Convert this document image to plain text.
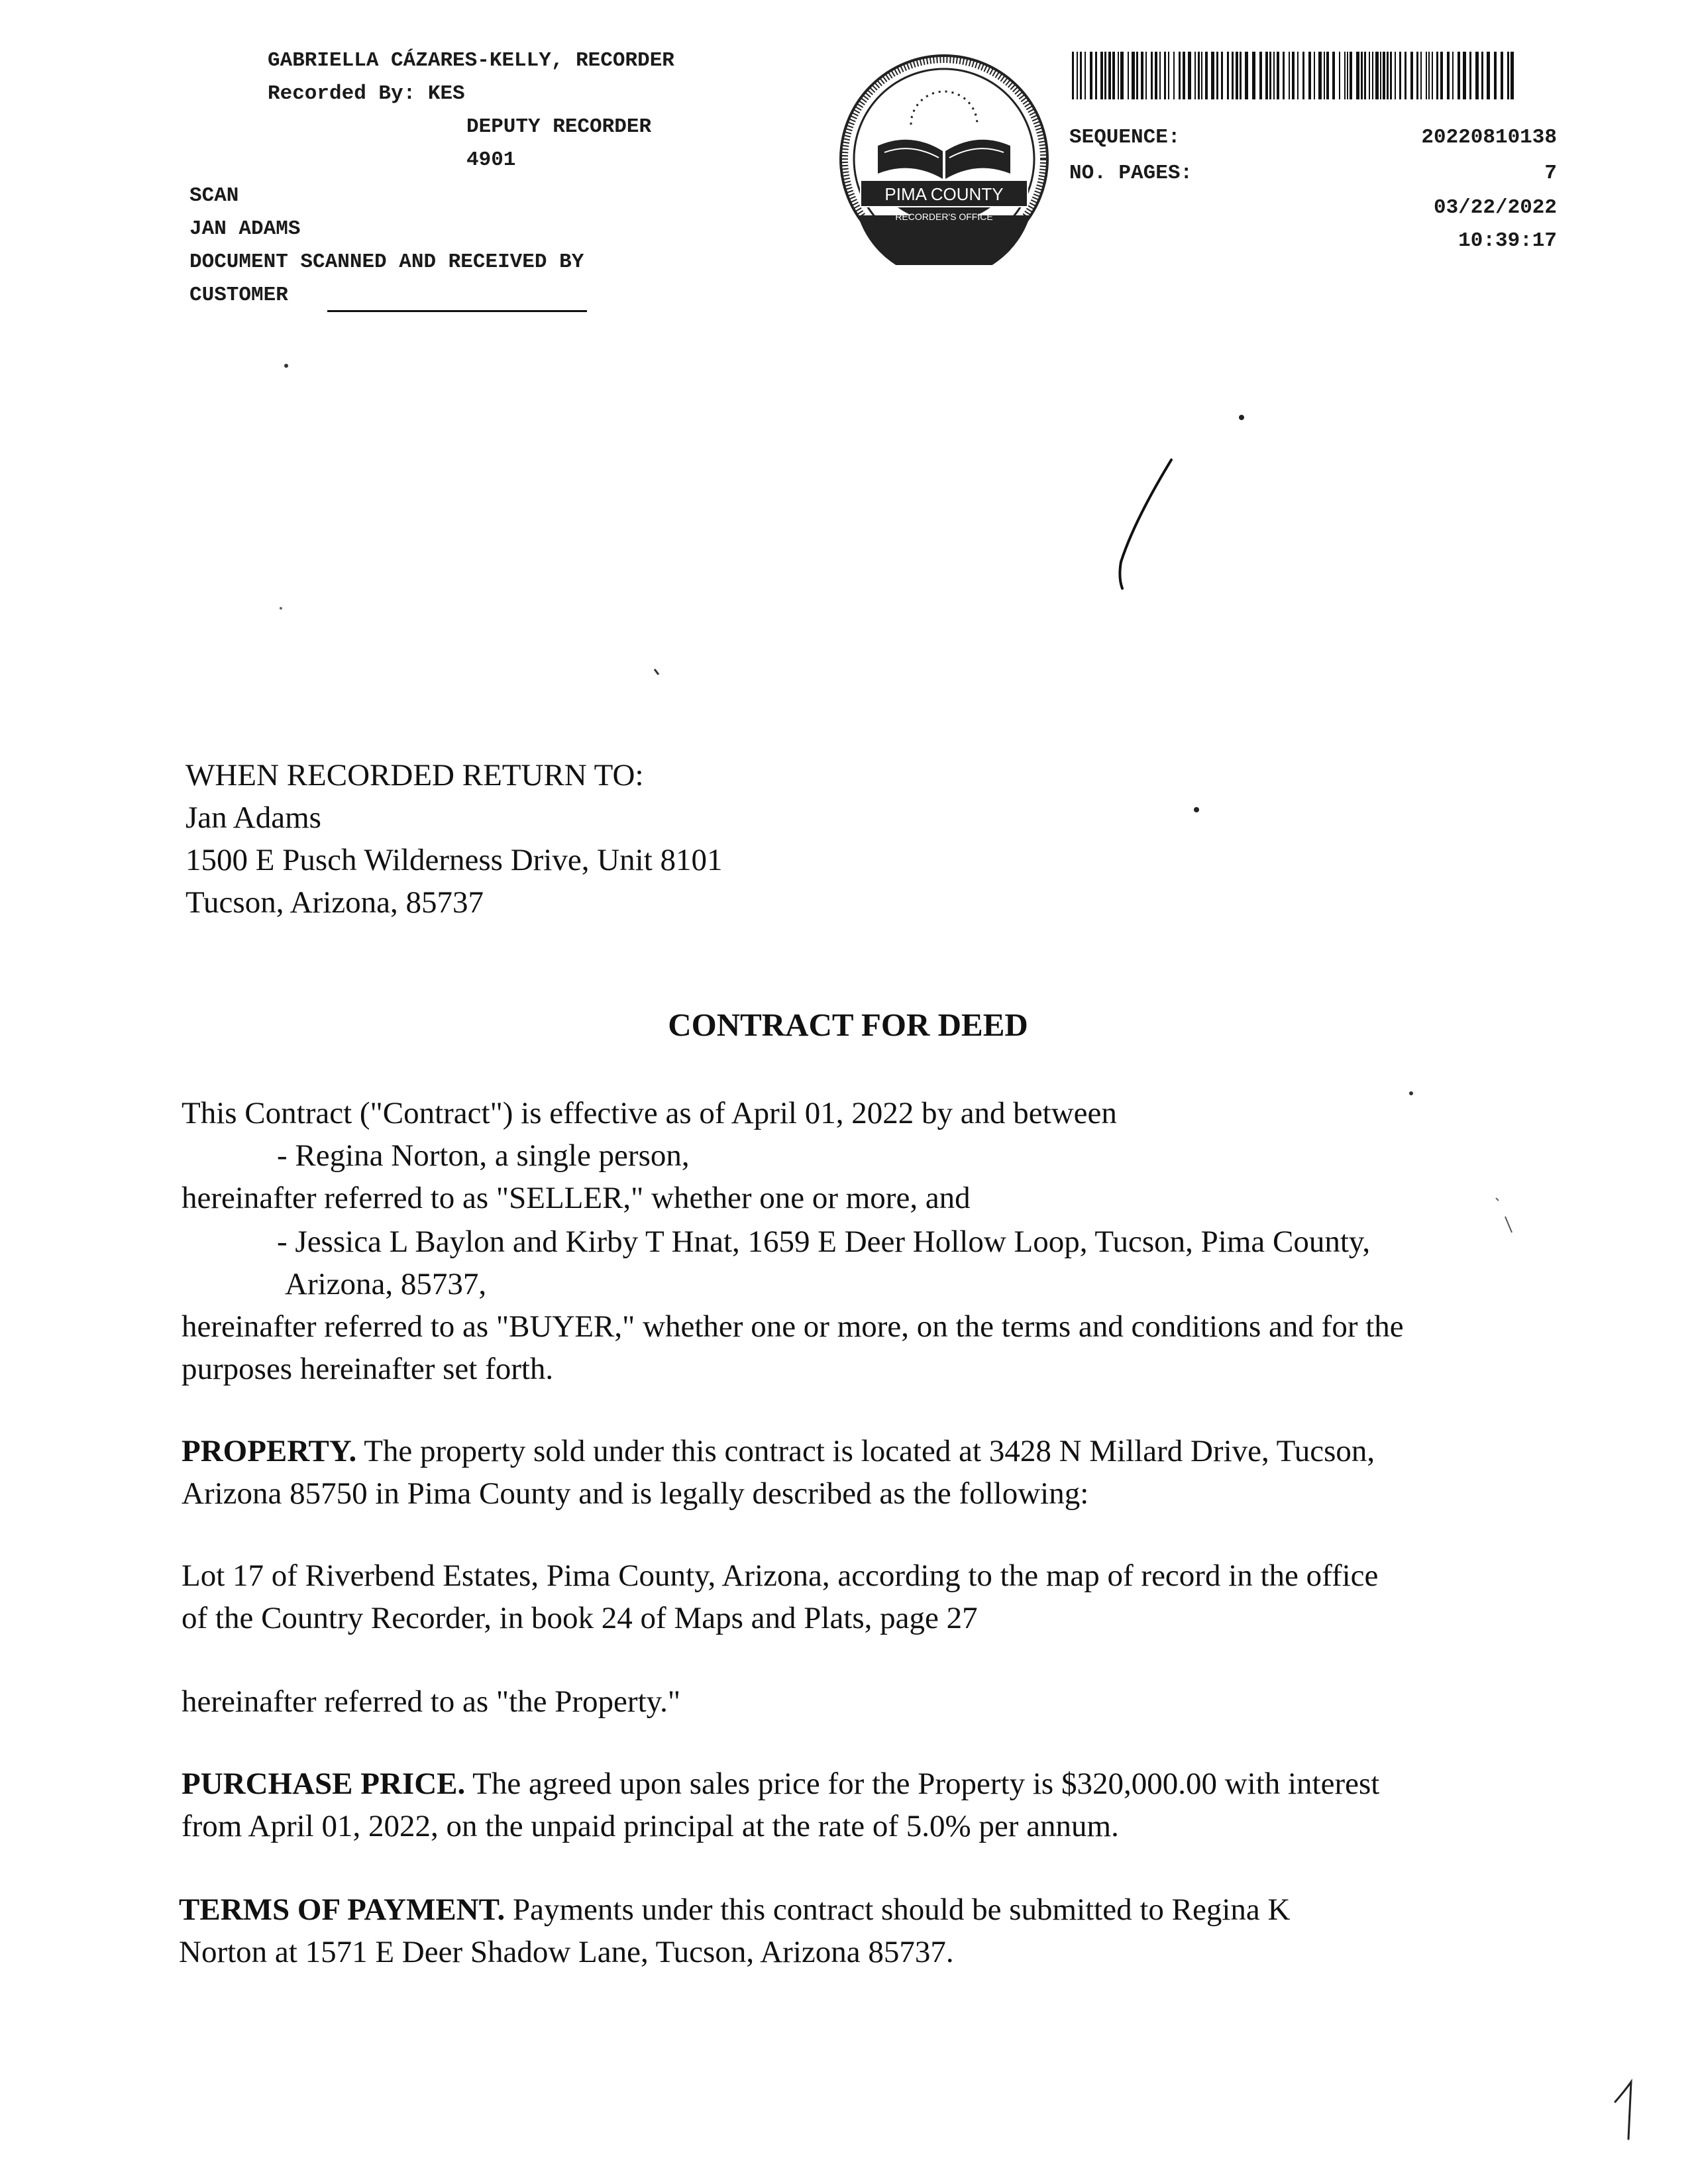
GABRIELLA CÁZARES-KELLY, RECORDER
Recorded By: KES
DEPUTY RECORDER
4901
SCAN
JAN ADAMS
DOCUMENT SCANNED AND RECEIVED BY
CUSTOMER
PIMA COUNTY
RECORDER'S OFFICE
SEQUENCE:	20220810138
NO. PAGES:	7
03/22/2022
10:39:17
WHEN RECORDED RETURN TO:
Jan Adams
1500 E Pusch Wilderness Drive, Unit 8101
Tucson, Arizona, 85737
CONTRACT FOR DEED
This Contract ("Contract") is effective as of April 01, 2022 by and between
- Regina Norton, a single person,
hereinafter referred to as "SELLER," whether one or more, and
- Jessica L Baylon and Kirby T Hnat, 1659 E Deer Hollow Loop, Tucson, Pima County,
Arizona, 85737,
hereinafter referred to as "BUYER," whether one or more, on the terms and conditions and for the
purposes hereinafter set forth.
PROPERTY. The property sold under this contract is located at 3428 N Millard Drive, Tucson,
Arizona 85750 in Pima County and is legally described as the following:
Lot 17 of Riverbend Estates, Pima County, Arizona, according to the map of record in the office
of the Country Recorder, in book 24 of Maps and Plats, page 27
hereinafter referred to as "the Property."
PURCHASE PRICE. The agreed upon sales price for the Property is $320,000.00 with interest
from April 01, 2022, on the unpaid principal at the rate of 5.0% per annum.
TERMS OF PAYMENT. Payments under this contract should be submitted to Regina K
Norton at 1571 E Deer Shadow Lane, Tucson, Arizona 85737.
